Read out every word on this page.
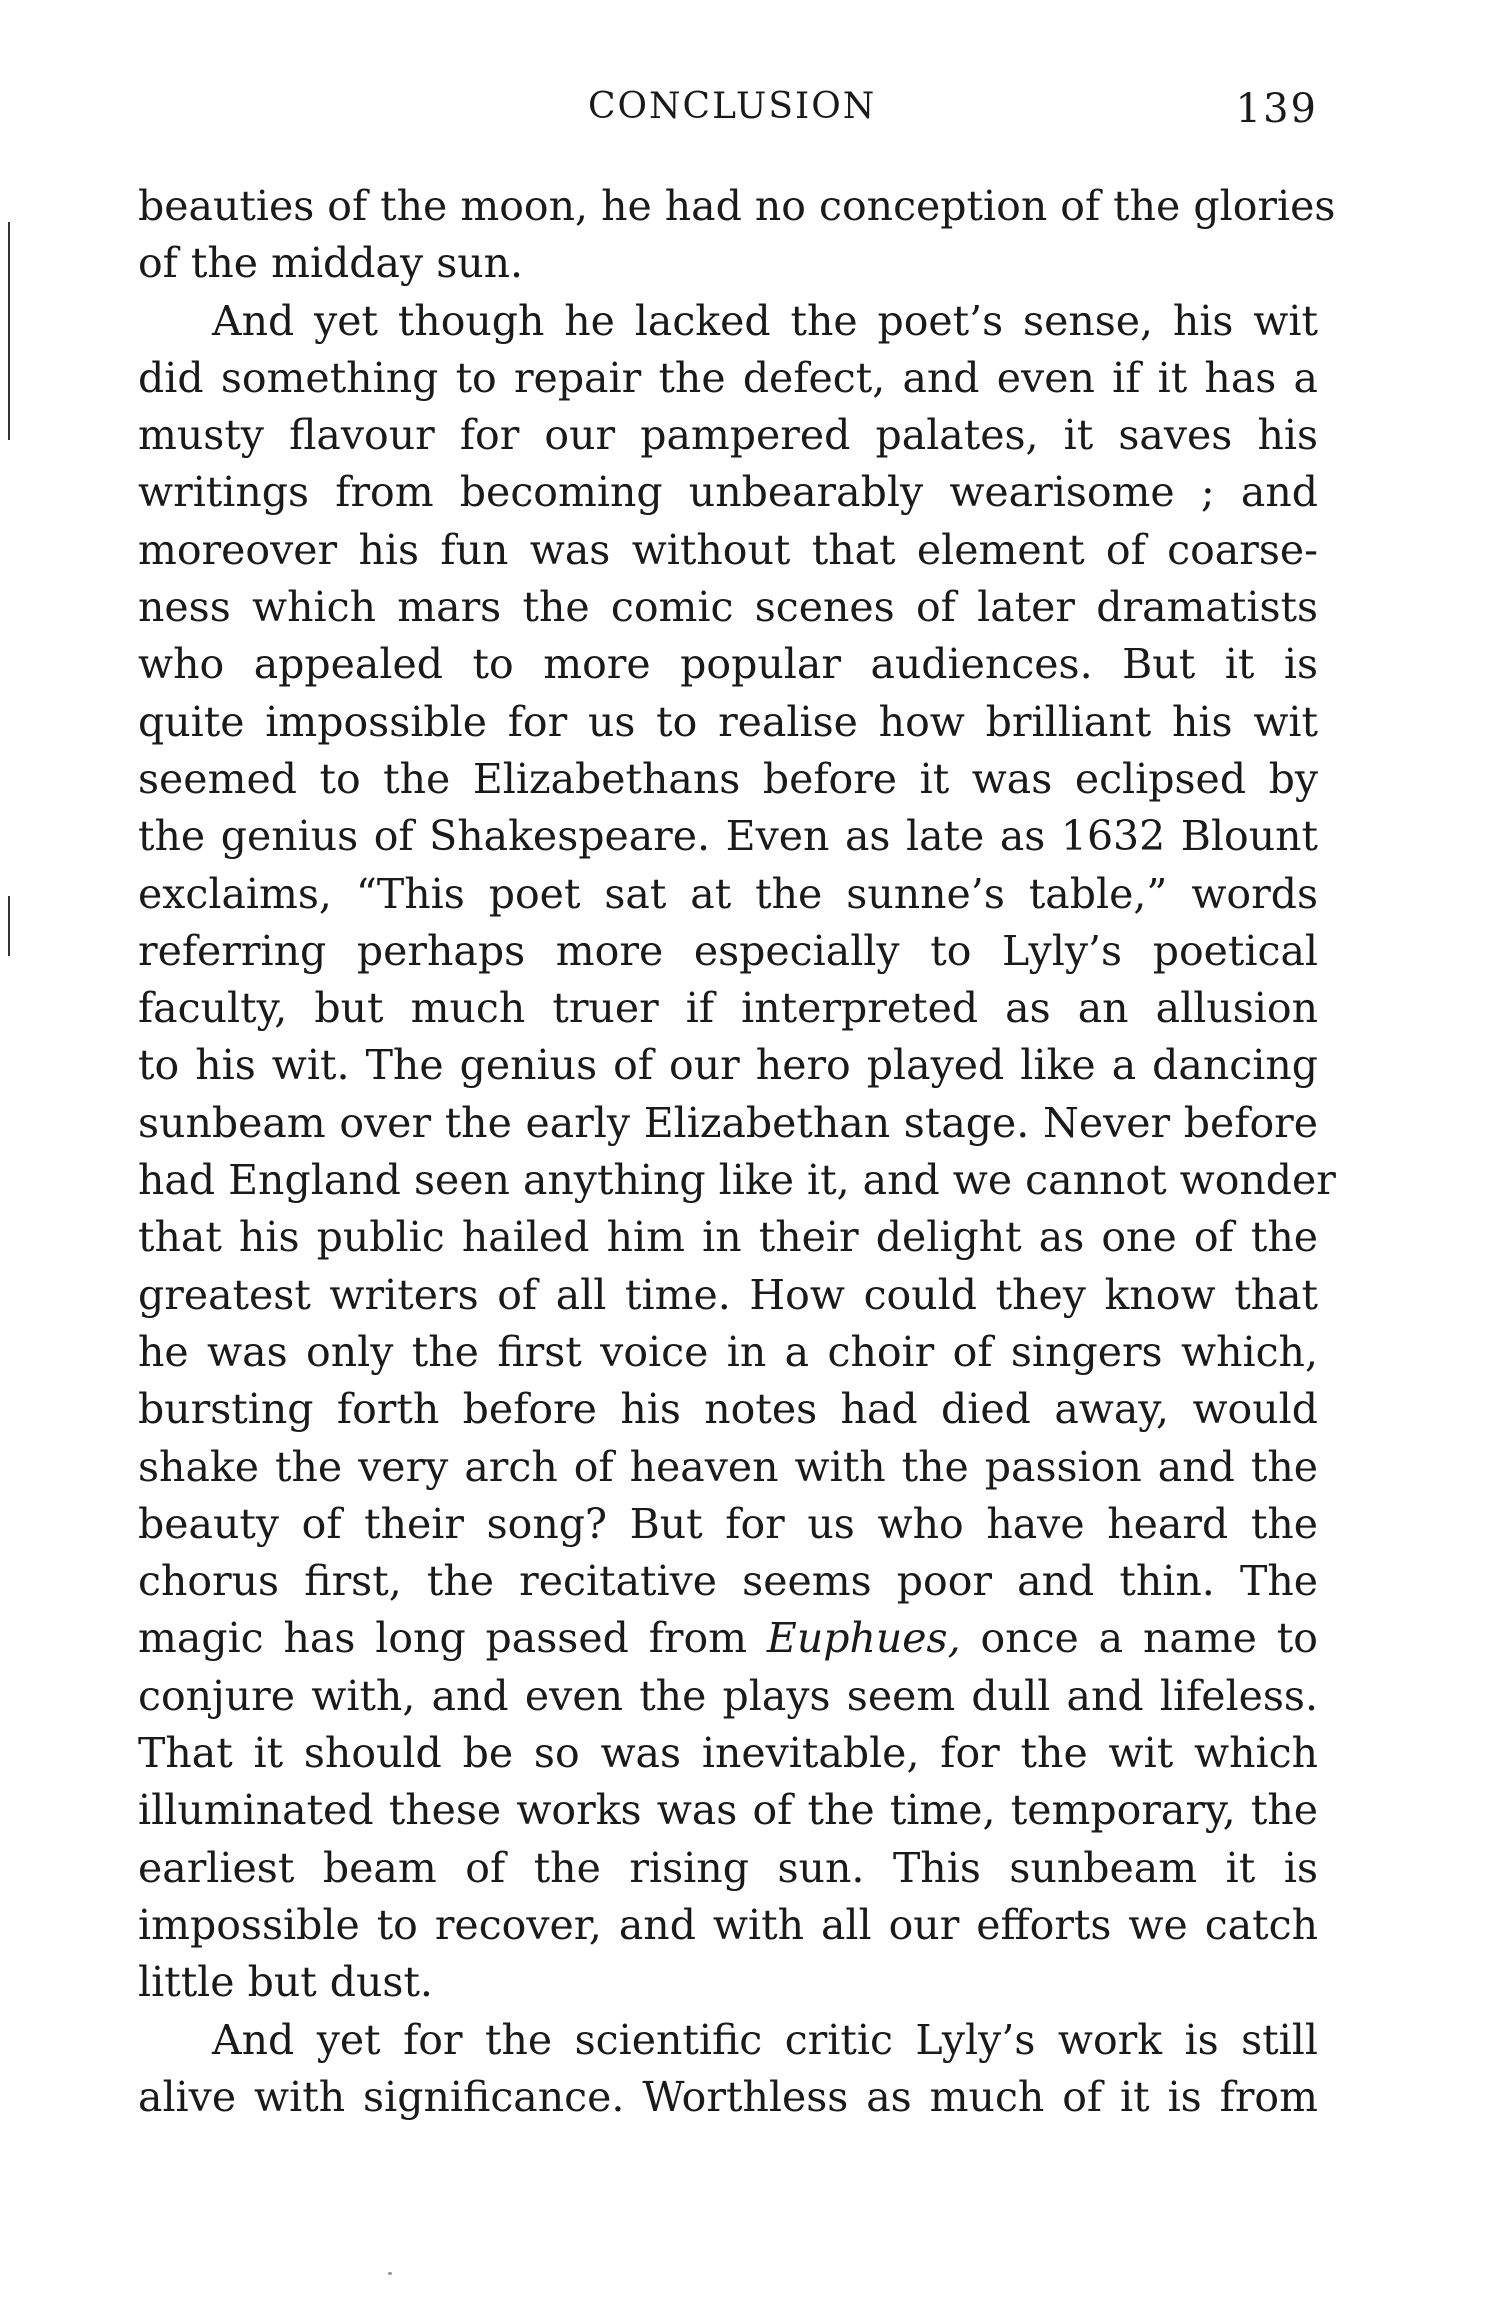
CONCLUSION	139
beauties of the moon, he had no conception of the glories
of the midday sun.
And yet though he lacked the poet’s sense, his wit
did something to repair the defect, and even if it has a
musty flavour for our pampered palates, it saves his
writings from becoming unbearably wearisome ; and
moreover his fun was without that element of coarse-
ness which mars the comic scenes of later dramatists
who appealed to more popular audiences. But it is
quite impossible for us to realise how brilliant his wit
seemed to the Elizabethans before it was eclipsed by
the genius of Shakespeare. Even as late as 1632 Blount
exclaims, “This poet sat at the sunne’s table,” words
referring perhaps more especially to Lyly’s poetical
faculty, but much truer if interpreted as an allusion
to his wit. The genius of our hero played like a dancing
sunbeam over the early Elizabethan stage. Never before
had England seen anything like it, and we cannot wonder
that his public hailed him in their delight as one of the
greatest writers of all time. How could they know that
he was only the first voice in a choir of singers which,
bursting forth before his notes had died away, would
shake the very arch of heaven with the passion and the
beauty of their song? But for us who have heard the
chorus first, the recitative seems poor and thin. The
magic has long passed from Euphues, once a name to
conjure with, and even the plays seem dull and lifeless.
That it should be so was inevitable, for the wit which
illuminated these works was of the time, temporary, the
earliest beam of the rising sun. This sunbeam it is
impossible to recover, and with all our efforts we catch
little but dust.
And yet for the scientific critic Lyly’s work is still
alive with significance. Worthless as much of it is from
